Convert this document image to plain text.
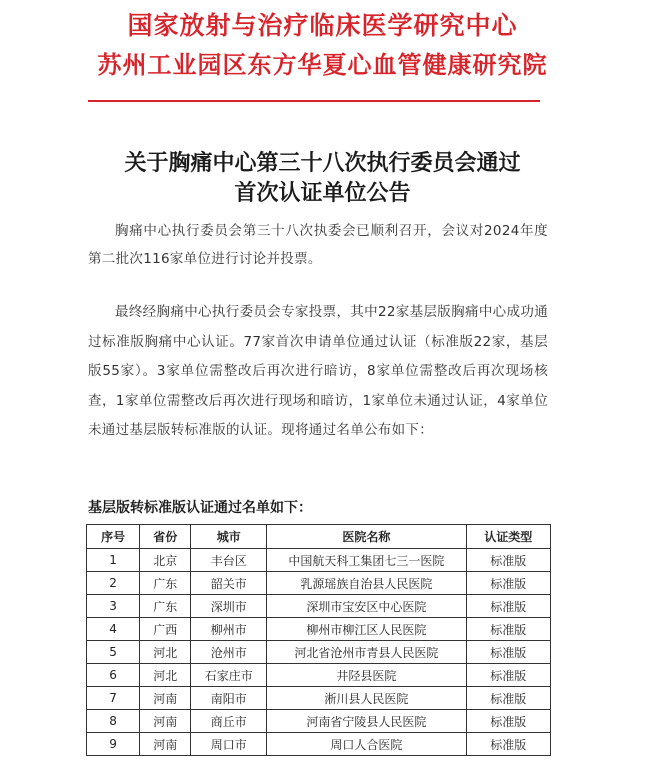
国家放射与治疗临床医学研究中心
苏州工业园区东方华夏心血管健康研究院
关于胸痛中心第三十八次执行委员会通过
首次认证单位公告
胸痛中心执行委员会第三十八次执委会已顺利召开，会议对2024年度第二批次116家单位进行讨论并投票。
最终经胸痛中心执行委员会专家投票，其中22家基层版胸痛中心成功通过标准版胸痛中心认证。77家首次申请单位通过认证（标准版22家，基层版55家）。3家单位需整改后再次进行暗访，8家单位需整改后再次现场核查，1家单位需整改后再次进行现场和暗访，1家单位未通过认证，4家单位未通过基层版转标准版的认证。现将通过名单公布如下：
基层版转标准版认证通过名单如下：
序号	省份	城市	医院名称	认证类型
1	北京	丰台区	中国航天科工集团七三一医院	标准版
2	广东	韶关市	乳源瑶族自治县人民医院	标准版
3	广东	深圳市	深圳市宝安区中心医院	标准版
4	广西	柳州市	柳州市柳江区人民医院	标准版
5	河北	沧州市	河北省沧州市青县人民医院	标准版
6	河北	石家庄市	井陉县医院	标准版
7	河南	南阳市	淅川县人民医院	标准版
8	河南	商丘市	河南省宁陵县人民医院	标准版
9	河南	周口市	周口人合医院	标准版
